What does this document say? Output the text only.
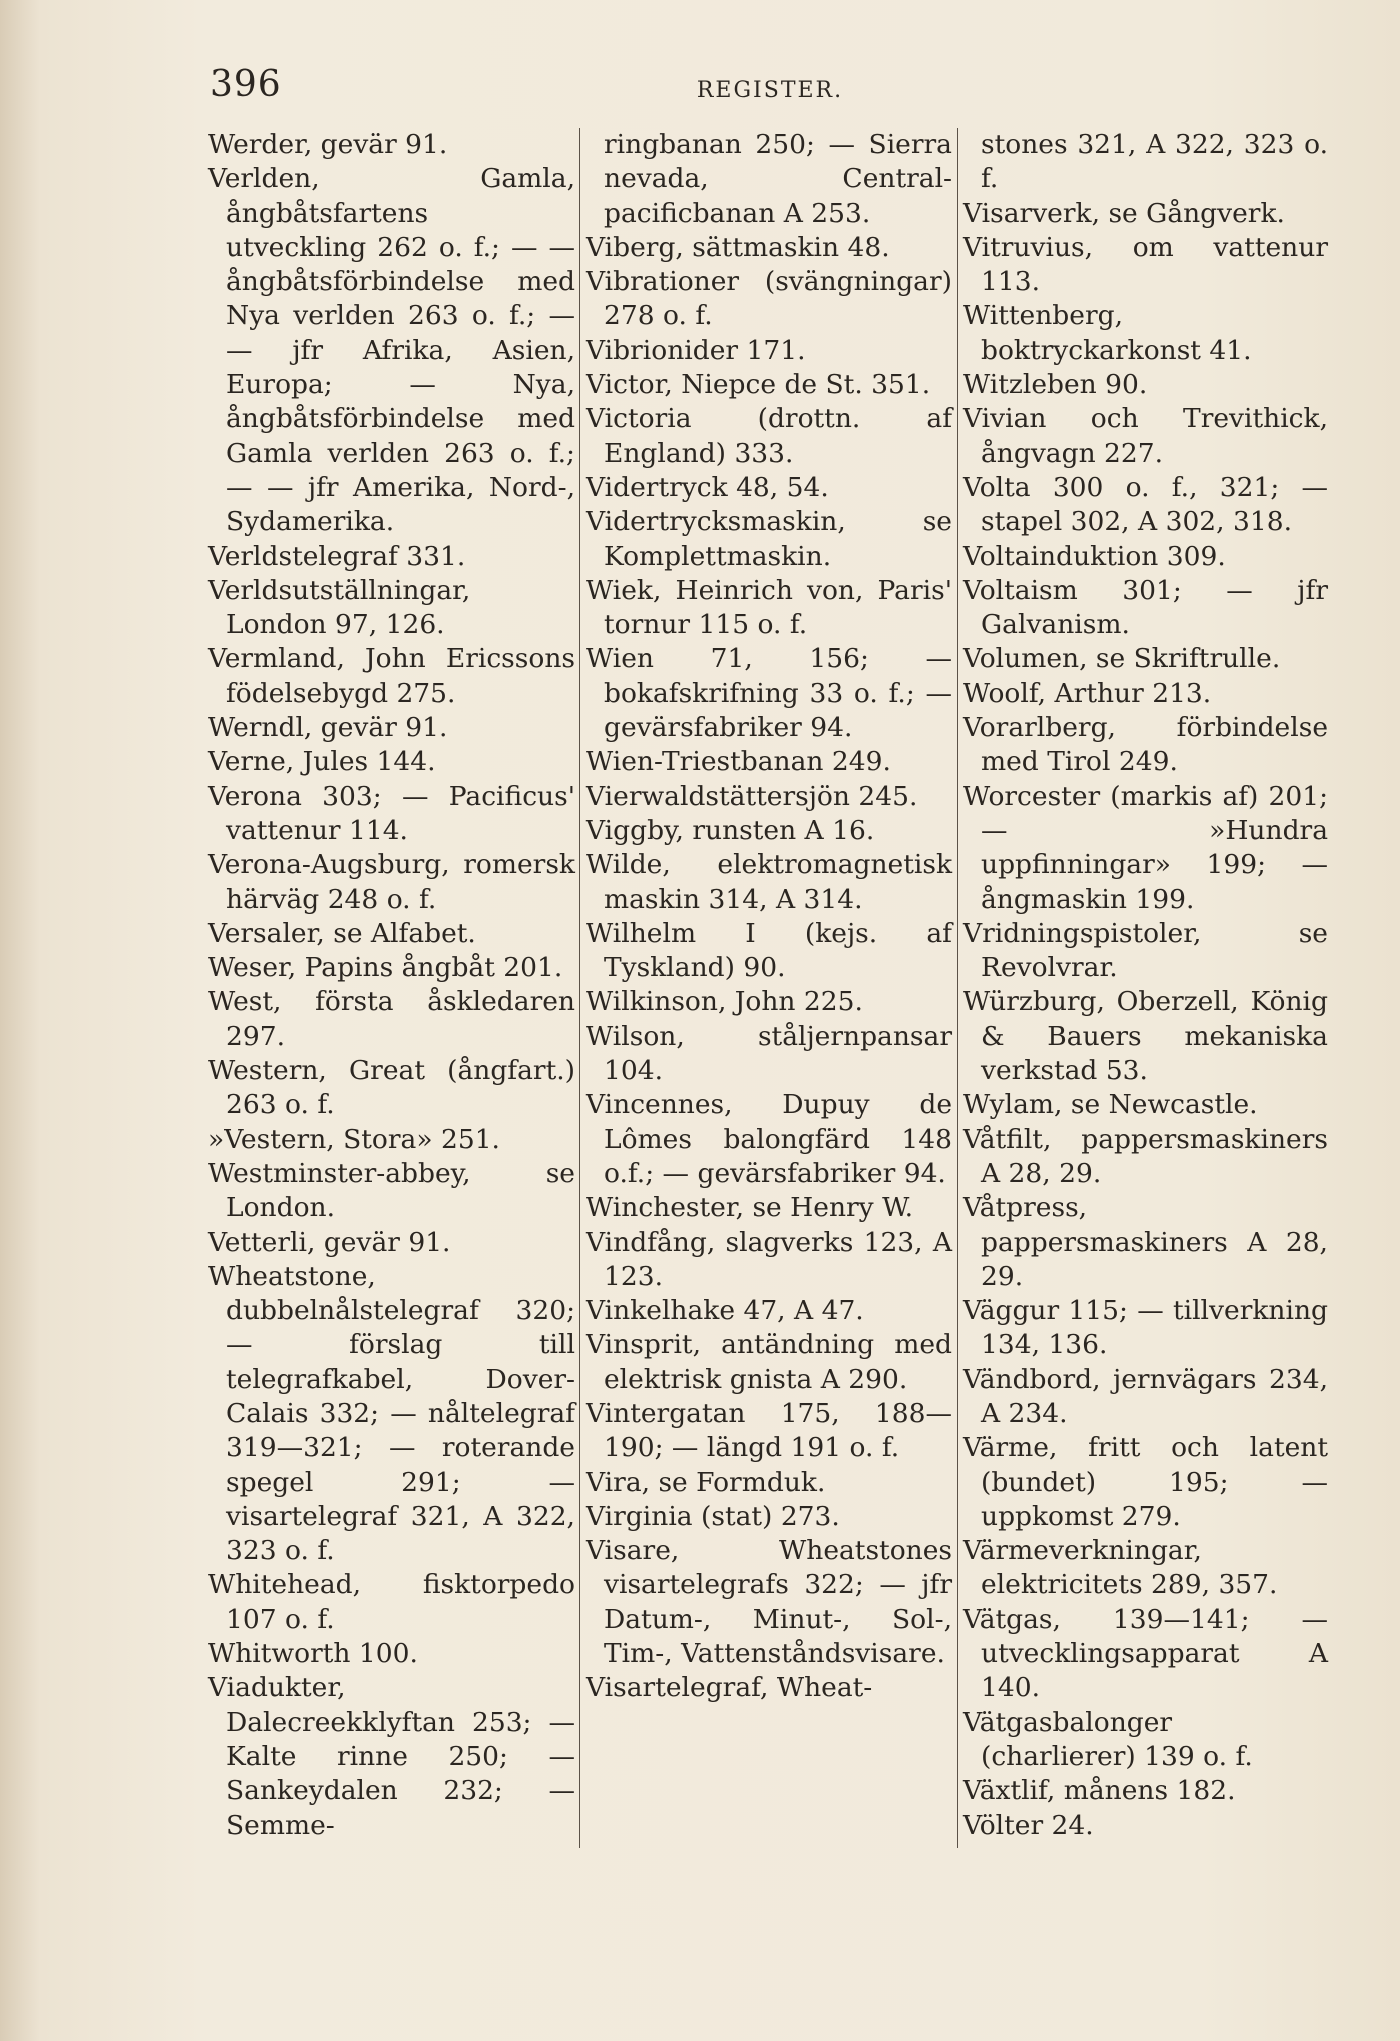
396	REGISTER.

Werder, gevär 91.

Verlden, Gamla, ångbåtsfartens utveckling 262 o. f.; — — ångbåtsförbindelse med Nya verlden 263 o. f.; — — jfr Afrika, Asien, Europa; — Nya, ångbåtsförbindelse med Gamla verlden 263 o. f.; — — jfr Amerika, Nord-, Sydamerika.

Verldstelegraf 331.

Verldsutställningar, London 97, 126.

Vermland, John Ericssons födelsebygd 275.

Werndl, gevär 91.

Verne, Jules 144.

Verona 303; — Pacificus' vattenur 114.

Verona-Augsburg, romersk härväg 248 o. f.

Versaler, se Alfabet.

Weser, Papins ångbåt 201.

West, första åskledaren 297.

Western, Great (ångfart.) 263 o. f.

»Vestern, Stora» 251.

Westminster-abbey, se London.

Vetterli, gevär 91.

Wheatstone, dubbelnålstelegraf 320; — förslag till telegrafkabel, Dover-Calais 332; — nåltelegraf 319—321; — roterande spegel 291; — visartelegraf 321, A 322, 323 o. f.

Whitehead, fisktorpedo 107 o. f.

Whitworth 100.

Viadukter, Dalecreekklyftan 253; — Kalte rinne 250; — Sankeydalen 232; — Semme-

ringbanan 250; — Sierra nevada, Central-pacificbanan A 253.

Viberg, sättmaskin 48.

Vibrationer (svängningar) 278 o. f.

Vibrionider 171.

Victor, Niepce de St. 351.

Victoria (drottn. af England) 333.

Vidertryck 48, 54.

Vidertrycksmaskin, se Komplettmaskin.

Wiek, Heinrich von, Paris' tornur 115 o. f.

Wien 71, 156; — bokafskrifning 33 o. f.; — gevärsfabriker 94.

Wien-Triestbanan 249.

Vierwaldstättersjön 245.

Viggby, runsten A 16.

Wilde, elektromagnetisk maskin 314, A 314.

Wilhelm I (kejs. af Tyskland) 90.

Wilkinson, John 225.

Wilson, ståljernpansar 104.

Vincennes, Dupuy de Lômes balongfärd 148 o.f.; — gevärsfabriker 94.

Winchester, se Henry W.

Vindfång, slagverks 123, A 123.

Vinkelhake 47, A 47.

Vinsprit, antändning med elektrisk gnista A 290.

Vintergatan 175, 188—190; — längd 191 o. f.

Vira, se Formduk.

Virginia (stat) 273.

Visare, Wheatstones visartelegrafs 322; — jfr Datum-, Minut-, Sol-, Tim-, Vattenståndsvisare.

Visartelegraf, Wheat-

stones 321, A 322, 323 o. f.

Visarverk, se Gångverk.

Vitruvius, om vattenur 113.

Wittenberg, boktryckarkonst 41.

Witzleben 90.

Vivian och Trevithick, ångvagn 227.

Volta 300 o. f., 321; — stapel 302, A 302, 318.

Voltainduktion 309.

Voltaism 301; — jfr Galvanism.

Volumen, se Skriftrulle.

Woolf, Arthur 213.

Vorarlberg, förbindelse med Tirol 249.

Worcester (markis af) 201; — »Hundra uppfinningar» 199; — ångmaskin 199.

Vridningspistoler, se Revolvrar.

Würzburg, Oberzell, König & Bauers mekaniska verkstad 53.

Wylam, se Newcastle.

Våtfilt, pappersmaskiners A 28, 29.

Våtpress, pappersmaskiners A 28, 29.

Väggur 115; — tillverkning 134, 136.

Vändbord, jernvägars 234, A 234.

Värme, fritt och latent (bundet) 195; — uppkomst 279.

Värmeverkningar, elektricitets 289, 357.

Vätgas, 139—141; — utvecklingsapparat A 140.

Vätgasbalonger (charlierer) 139 o. f.

Växtlif, månens 182.

Völter 24.
